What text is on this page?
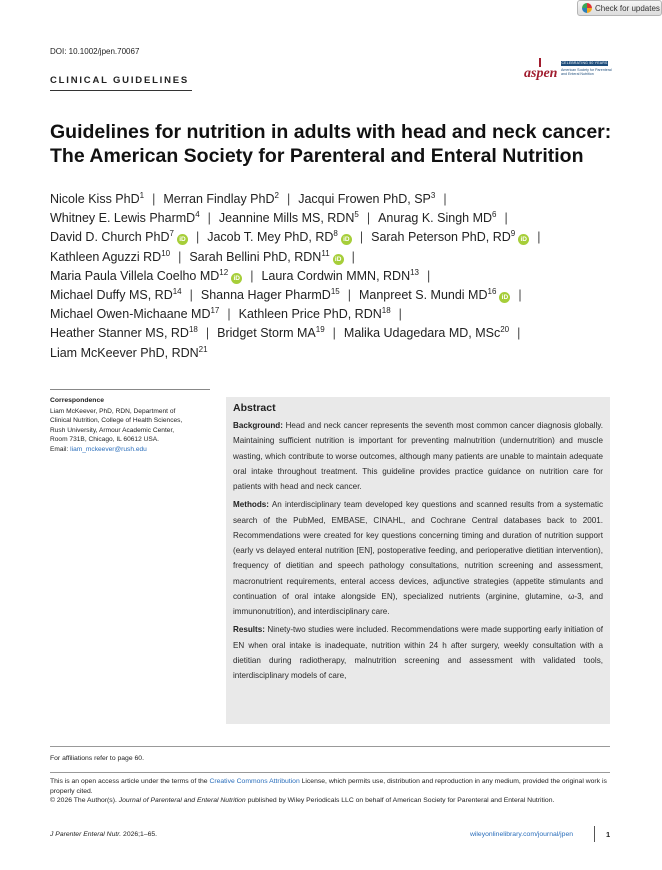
Check for updates
DOI: 10.1002/jpen.70067
CLINICAL GUIDELINES	aspen
CELEBRATING 50 YEARS
American Society for Parenteral and Enteral Nutrition
Guidelines for nutrition in adults with head and neck cancer: The American Society for Parenteral and Enteral Nutrition
Nicole Kiss PhD$^1$ | Merran Findlay PhD$^2$ | Jacqui Frowen PhD, $SP^3$ |
Whitney E. Lewis PharmD$^4$ | Jeannine Mills MS, RDN$^5$ | Anurag K. Singh $MD^6$ |
David D. Church PhD$^7$iD | Jacob T. Mey PhD, $RD^8iD$ | Sarah Peterson PhD, $RD^9iD$ |
Kathleen Aguzzi RD$^{10}$ | Sarah Bellini PhD, RDN$^{11}$iD |
Maria Paula Villela Coelho MD$^{12}$iD | Laura Cordwin MMN, RDN$^{13}$ |
Michael Duffy MS, RD$^{14}$ | Shanna Hager PharmD$^{15}$ | Manpreet S. Mundi MD$^{16}$iD |
Michael Owen-Michaane MD$^{17}$ | Kathleen Price PhD, RDN$^{18}$ |
Heather Stanner MS, RD$^{18}$ | Bridget Storm MA$^{19}$ | Malika Udagedara MD, MSc$^{20}$ |
Liam McKeever PhD, RDN$^{21}$
Correspondence
Liam McKeever, PhD, RDN, Department of
Clinical Nutrition, College of Health Sciences,
Rush University, Armour Academic Center,
Room 731B, Chicago, IL 60612 USA.
Email: liam_mckeever@rush.edu
Abstract
Background: Head and neck cancer represents the seventh most common cancer diagnosis globally. Maintaining sufficient nutrition is important for preventing malnutrition (undernutrition) and muscle wasting, which contribute to worse outcomes, although many patients are unable to maintain adequate oral intake throughout treatment. This guideline provides practice guidance on nutrition care for patients with head and neck cancer.
Methods: An interdisciplinary team developed key questions and scanned results from a systematic search of the PubMed, EMBASE, CINAHL, and Cochrane Central databases back to 2001. Recommendations were created for key questions concerning timing and duration of nutrition support (early vs delayed enteral nutrition [EN], postoperative feeding, and perioperative dietitian intervention), frequency of dietitian and speech pathology consultations, nutrition screening and assessment, macronutrient requirements, enteral access devices, adjunctive strategies (appetite stimulants and continuation of oral intake alongside EN), specialized nutrients (arginine, glutamine, ω-3, and immunonutrition), and interdisciplinary care.
Results: Ninety-two studies were included. Recommendations were made supporting early initiation of EN when oral intake is inadequate, nutrition within 24 h after surgery, weekly consultation with a dietitian during radiotherapy, malnutrition screening and assessment with validated tools, interdisciplinary models of care,
For affiliations refer to page 60.
This is an open access article under the terms of the Creative Commons Attribution License, which permits use, distribution and reproduction in any medium, provided the original work is properly cited.
© 2026 The Author(s). Journal of Parenteral and Enteral Nutrition published by Wiley Periodicals LLC on behalf of American Society for Parenteral and Enteral Nutrition.
J Parenter Enteral Nutr. 2026;1–65.	wileyonlinelibrary.com/journal/jpen	1
